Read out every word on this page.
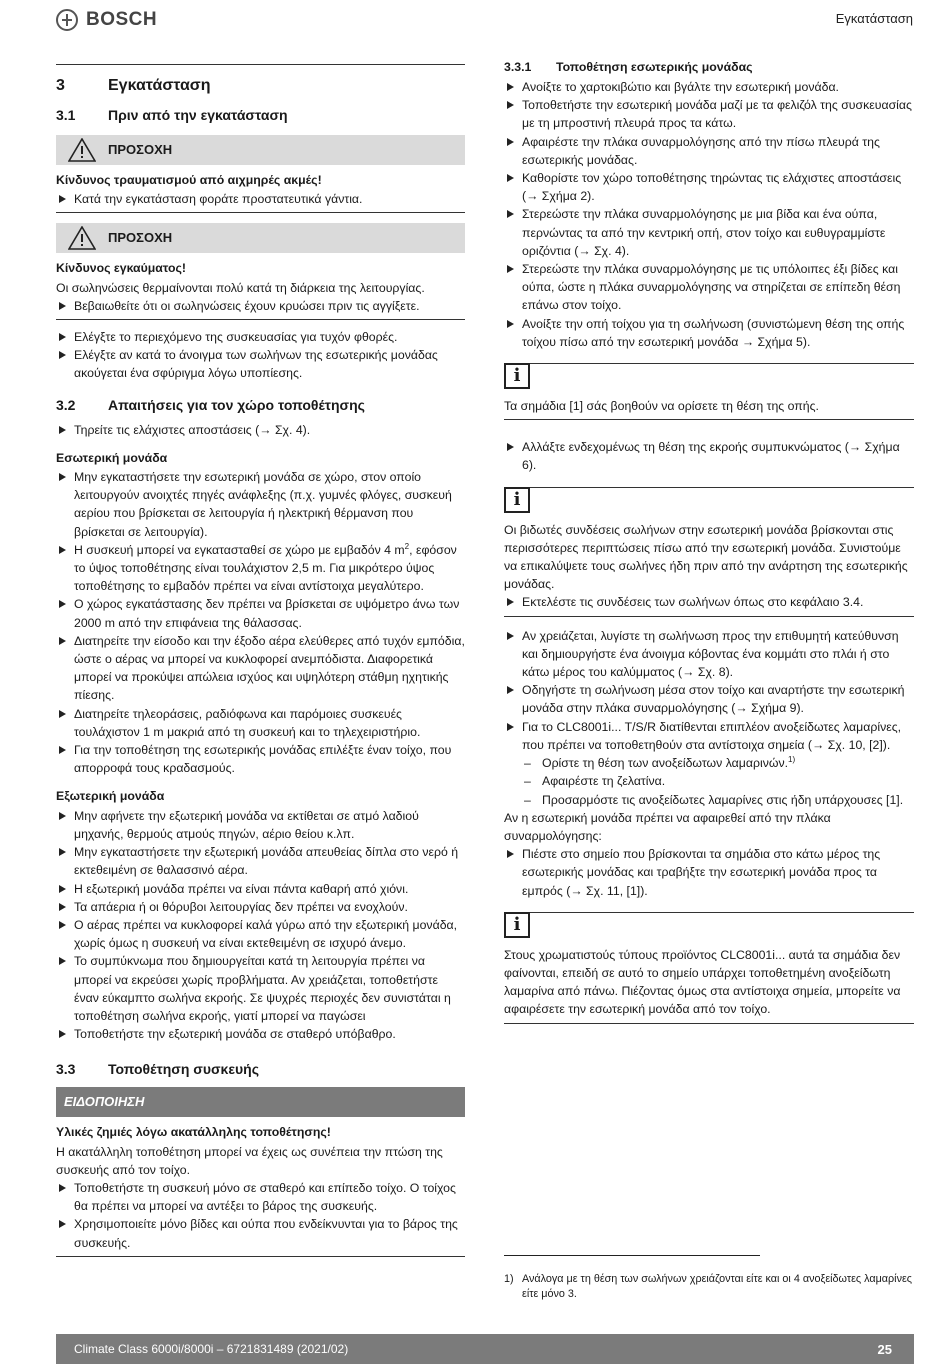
BOSCH	Εγκατάσταση
3	Εγκατάσταση
3.1	Πριν από την εγκατάσταση
ΠΡΟΣΟΧΗ
Κίνδυνος τραυματισμού από αιχμηρές ακμές!
Κατά την εγκατάσταση φοράτε προστατευτικά γάντια.
ΠΡΟΣΟΧΗ
Κίνδυνος εγκαύματος!
Οι σωληνώσεις θερμαίνονται πολύ κατά τη διάρκεια της λειτουργίας.
Βεβαιωθείτε ότι οι σωληνώσεις έχουν κρυώσει πριν τις αγγίξετε.
Ελέγξτε το περιεχόμενο της συσκευασίας για τυχόν φθορές.
Ελέγξτε αν κατά το άνοιγμα των σωλήνων της εσωτερικής μονάδας ακούγεται ένα σφύριγμα λόγω υποπίεσης.
3.2	Απαιτήσεις για τον χώρο τοποθέτησης
Τηρείτε τις ελάχιστες αποστάσεις (→ Σχ. 4).
Εσωτερική μονάδα
Μην εγκαταστήσετε την εσωτερική μονάδα σε χώρο, στον οποίο λειτουργούν ανοιχτές πηγές ανάφλεξης (π.χ. γυμνές φλόγες, συσκευή αερίου που βρίσκεται σε λειτουργία ή ηλεκτρική θέρμανση που βρίσκεται σε λειτουργία).
Η συσκευή μπορεί να εγκατασταθεί σε χώρο με εμβαδόν 4 $m^2$, εφόσον το ύψος τοποθέτησης είναι τουλάχιστον 2,5 m. Για μικρότερο ύψος τοποθέτησης το εμβαδόν πρέπει να είναι αντίστοιχα μεγαλύτερο.
Ο χώρος εγκατάστασης δεν πρέπει να βρίσκεται σε υψόμετρο άνω των 2000 m από την επιφάνεια της θάλασσας.
Διατηρείτε την είσοδο και την έξοδο αέρα ελεύθερες από τυχόν εμπόδια, ώστε ο αέρας να μπορεί να κυκλοφορεί ανεμπόδιστα. Διαφορετικά μπορεί να προκύψει απώλεια ισχύος και υψηλότερη στάθμη ηχητικής πίεσης.
Διατηρείτε τηλεοράσεις, ραδιόφωνα και παρόμοιες συσκευές τουλάχιστον 1 m μακριά από τη συσκευή και το τηλεχειριστήριο.
Για την τοποθέτηση της εσωτερικής μονάδας επιλέξτε έναν τοίχο, που απορροφά τους κραδασμούς.
Εξωτερική μονάδα
Μην αφήνετε την εξωτερική μονάδα να εκτίθεται σε ατμό λαδιού μηχανής, θερμούς ατμούς πηγών, αέριο θείου κ.λπ.
Μην εγκαταστήσετε την εξωτερική μονάδα απευθείας δίπλα στο νερό ή εκτεθειμένη σε θαλασσινό αέρα.
Η εξωτερική μονάδα πρέπει να είναι πάντα καθαρή από χιόνι.
Τα απάερια ή οι θόρυβοι λειτουργίας δεν πρέπει να ενοχλούν.
Ο αέρας πρέπει να κυκλοφορεί καλά γύρω από την εξωτερική μονάδα, χωρίς όμως η συσκευή να είναι εκτεθειμένη σε ισχυρό άνεμο.
Το συμπύκνωμα που δημιουργείται κατά τη λειτουργία πρέπει να μπορεί να εκρεύσει χωρίς προβλήματα. Αν χρειάζεται, τοποθετήστε έναν εύκαμπτο σωλήνα εκροής. Σε ψυχρές περιοχές δεν συνιστάται η τοποθέτηση σωλήνα εκροής, γιατί μπορεί να παγώσει
Τοποθετήστε την εξωτερική μονάδα σε σταθερό υπόβαθρο.
3.3	Τοποθέτηση συσκευής
ΕΙΔΟΠΟΙΗΣΗ
Υλικές ζημιές λόγω ακατάλληλης τοποθέτησης!
Η ακατάλληλη τοποθέτηση μπορεί να έχεις ως συνέπεια την πτώση της συσκευής από τον τοίχο.
Τοποθετήστε τη συσκευή μόνο σε σταθερό και επίπεδο τοίχο. Ο τοίχος θα πρέπει να μπορεί να αντέξει το βάρος της συσκευής.
Χρησιμοποιείτε μόνο βίδες και ούπα που ενδείκνυνται για το βάρος της συσκευής.
3.3.1	Τοποθέτηση εσωτερικής μονάδας
Ανοίξτε το χαρτοκιβώτιο και βγάλτε την εσωτερική μονάδα.
Τοποθετήστε την εσωτερική μονάδα μαζί με τα φελιζόλ της συσκευασίας με τη μπροστινή πλευρά προς τα κάτω.
Αφαιρέστε την πλάκα συναρμολόγησης από την πίσω πλευρά της εσωτερικής μονάδας.
Καθορίστε τον χώρο τοποθέτησης τηρώντας τις ελάχιστες αποστάσεις (→ Σχήμα 2).
Στερεώστε την πλάκα συναρμολόγησης με μια βίδα και ένα ούπα, περνώντας τα από την κεντρική οπή, στον τοίχο και ευθυγραμμίστε οριζόντια (→ Σχ. 4).
Στερεώστε την πλάκα συναρμολόγησης με τις υπόλοιπες έξι βίδες και ούπα, ώστε η πλάκα συναρμολόγησης να στηρίζεται σε επίπεδη θέση επάνω στον τοίχο.
Ανοίξτε την οπή τοίχου για τη σωλήνωση (συνιστώμενη θέση της οπής τοίχου πίσω από την εσωτερική μονάδα → Σχήμα 5).
i
Τα σημάδια [1] σάς βοηθούν να ορίσετε τη θέση της οπής.
Αλλάξτε ενδεχομένως τη θέση της εκροής συμπυκνώματος (→ Σχήμα 6).
i
Οι βιδωτές συνδέσεις σωλήνων στην εσωτερική μονάδα βρίσκονται στις περισσότερες περιπτώσεις πίσω από την εσωτερική μονάδα. Συνιστούμε να επικαλύψετε τους σωλήνες ήδη πριν από την ανάρτηση της εσωτερικής μονάδας.
Εκτελέστε τις συνδέσεις των σωλήνων όπως στο κεφάλαιο 3.4.
Αν χρειάζεται, λυγίστε τη σωλήνωση προς την επιθυμητή κατεύθυνση και δημιουργήστε ένα άνοιγμα κόβοντας ένα κομμάτι στο πλάι ή στο κάτω μέρος του καλύμματος (→ Σχ. 8).
Οδηγήστε τη σωλήνωση μέσα στον τοίχο και αναρτήστε την εσωτερική μονάδα στην πλάκα συναρμολόγησης (→ Σχήμα 9).
Για το CLC8001i... T/S/R διατίθενται επιπλέον ανοξείδωτες λαμαρίνες, που πρέπει να τοποθετηθούν στα αντίστοιχα σημεία (→ Σχ. 10, [2]).
– Ορίστε τη θέση των ανοξείδωτων λαμαρινών.$^{1)}$
– Αφαιρέστε τη ζελατίνα.
– Προσαρμόστε τις ανοξείδωτες λαμαρίνες στις ήδη υπάρχουσες [1].
Αν η εσωτερική μονάδα πρέπει να αφαιρεθεί από την πλάκα συναρμολόγησης:
Πιέστε στο σημείο που βρίσκονται τα σημάδια στο κάτω μέρος της εσωτερικής μονάδας και τραβήξτε την εσωτερική μονάδα προς τα εμπρός (→ Σχ. 11, [1]).
i
Στους χρωματιστούς τύπους προϊόντος CLC8001i... αυτά τα σημάδια δεν φαίνονται, επειδή σε αυτό το σημείο υπάρχει τοποθετημένη ανοξείδωτη λαμαρίνα από πάνω. Πιέζοντας όμως στα αντίστοιχα σημεία, μπορείτε να αφαιρέσετε την εσωτερική μονάδα από τον τοίχο.
1) Ανάλογα με τη θέση των σωλήνων χρειάζονται είτε και οι 4 ανοξείδωτες λαμαρίνες είτε μόνο 3.
Climate Class 6000i/8000i – 6721831489 (2021/02)	25
